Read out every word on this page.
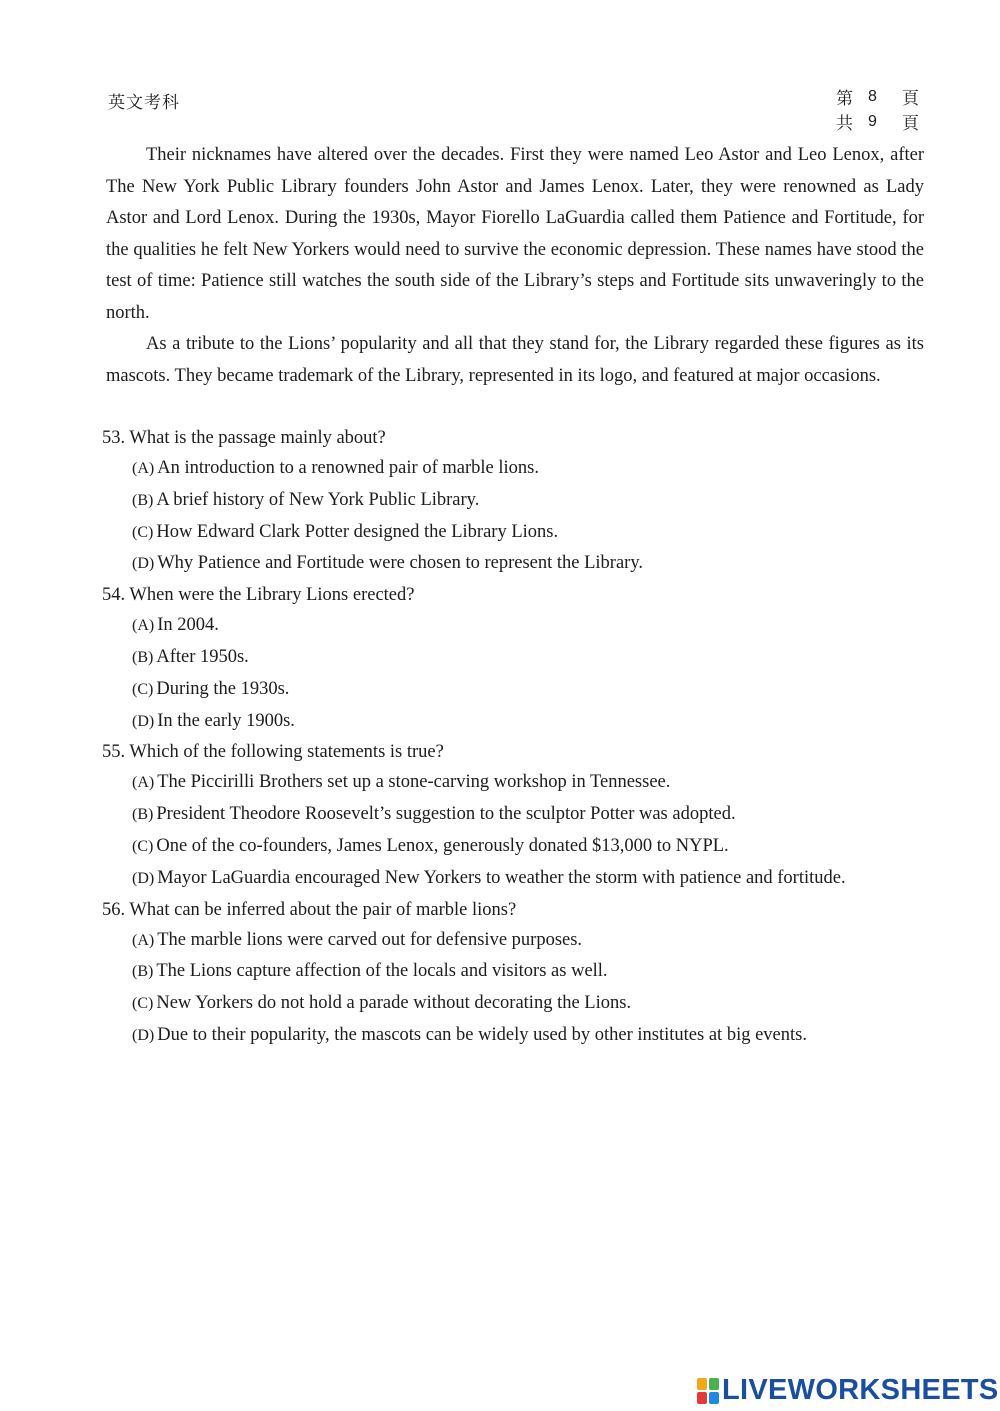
英文考科	第 8	頁
共 9	頁

Their nicknames have altered over the decades. First they were named Leo Astor and Leo Lenox, after The New York Public Library founders John Astor and James Lenox. Later, they were renowned as Lady Astor and Lord Lenox. During the 1930s, Mayor Fiorello LaGuardia called them Patience and Fortitude, for the qualities he felt New Yorkers would need to survive the economic depression. These names have stood the test of time: Patience still watches the south side of the Library’s steps and Fortitude sits unwaveringly to the north.

As a tribute to the Lions’ popularity and all that they stand for, the Library regarded these figures as its mascots. They became trademark of the Library, represented in its logo, and featured at major occasions.

53. What is the passage mainly about?
(A) An introduction to a renowned pair of marble lions.
(B) A brief history of New York Public Library.
(C) How Edward Clark Potter designed the Library Lions.
(D) Why Patience and Fortitude were chosen to represent the Library.
54. When were the Library Lions erected?
(A) In 2004.
(B) After 1950s.
(C) During the 1930s.
(D) In the early 1900s.
55. Which of the following statements is true?
(A) The Piccirilli Brothers set up a stone-carving workshop in Tennessee.
(B) President Theodore Roosevelt’s suggestion to the sculptor Potter was adopted.
(C) One of the co-founders, James Lenox, generously donated $13,000 to NYPL.
(D) Mayor LaGuardia encouraged New Yorkers to weather the storm with patience and fortitude.
56. What can be inferred about the pair of marble lions?
(A) The marble lions were carved out for defensive purposes.
(B) The Lions capture affection of the locals and visitors as well.
(C) New Yorkers do not hold a parade without decorating the Lions.
(D) Due to their popularity, the mascots can be widely used by other institutes at big events.
LIVEWORKSHEETS
